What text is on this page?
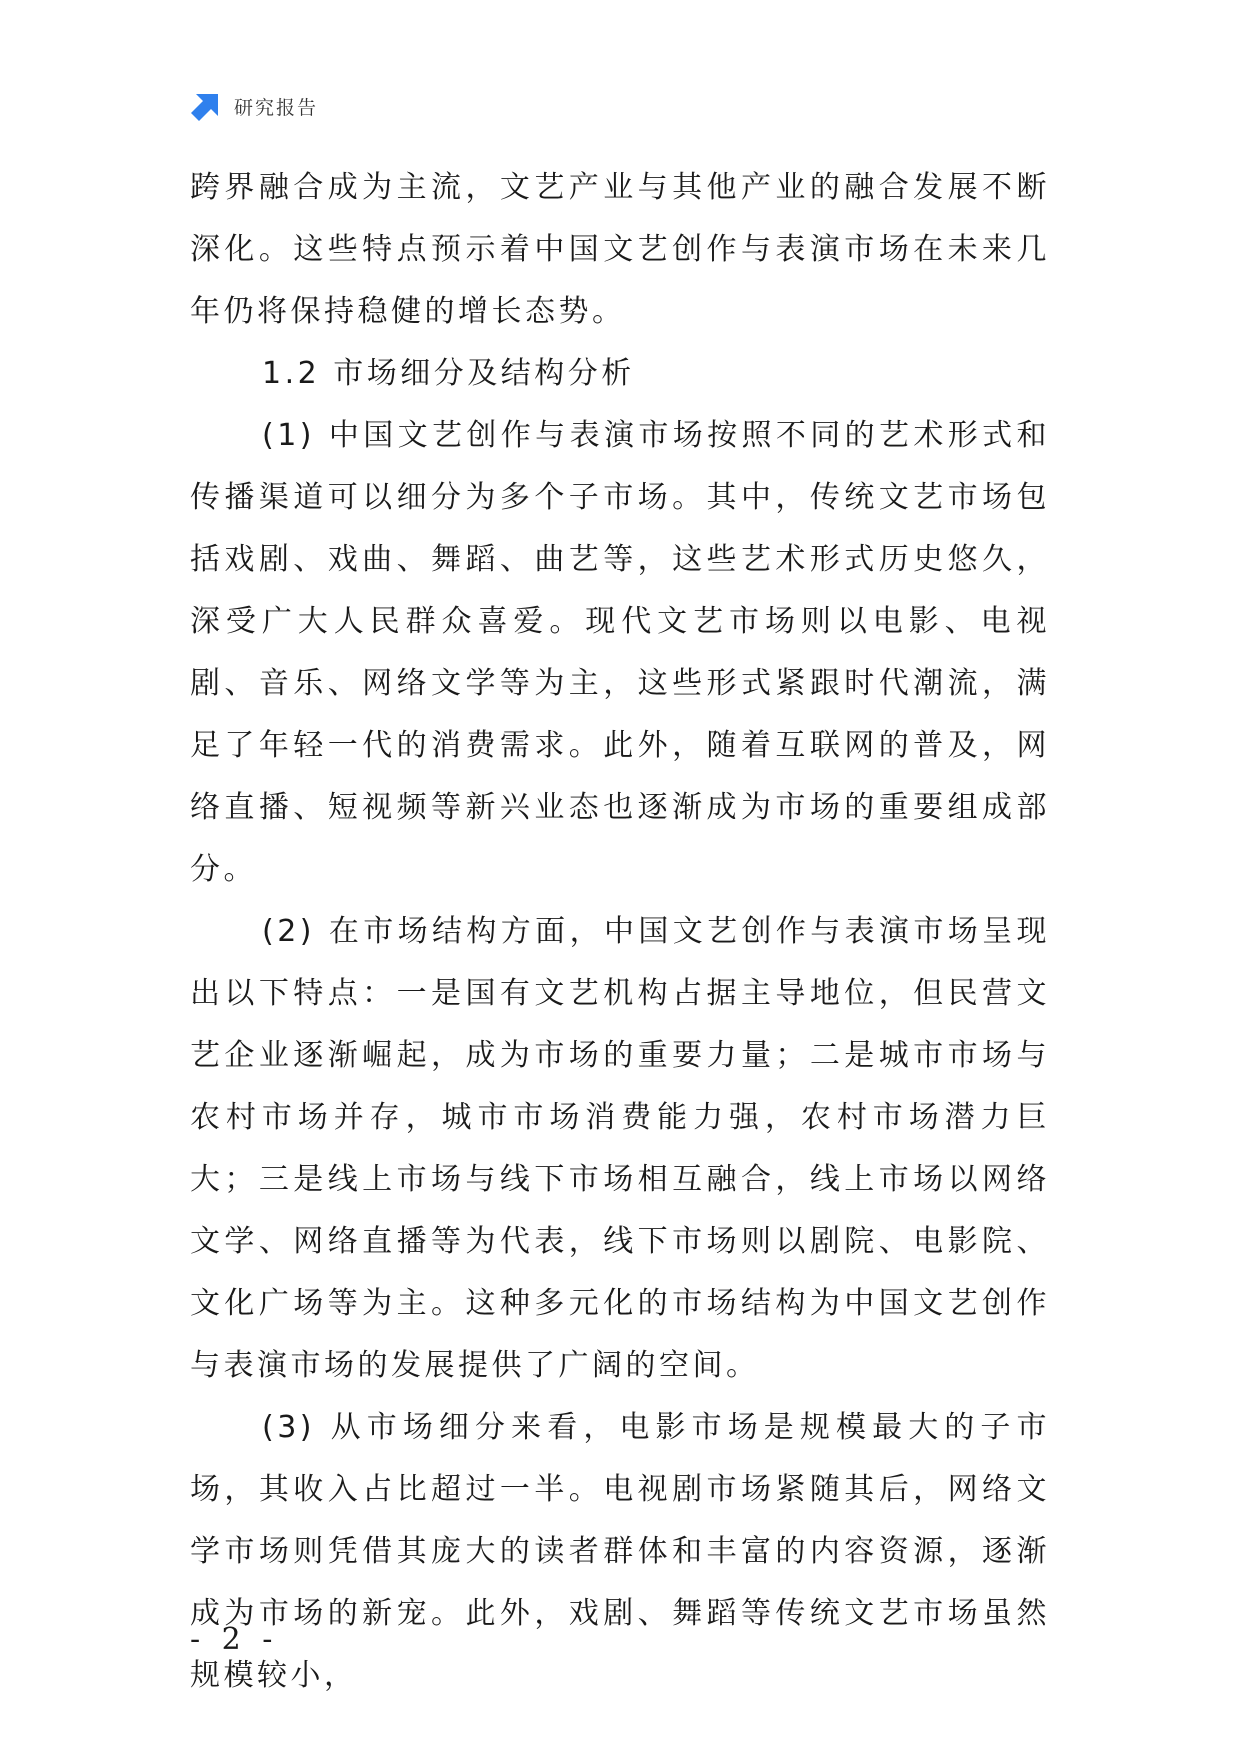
研究报告

跨界融合成为主流，文艺产业与其他产业的融合发展不断深化。这些特点预示着中国文艺创作与表演市场在未来几年仍将保持稳健的增长态势。

1.2 市场细分及结构分析

(1) 中国文艺创作与表演市场按照不同的艺术形式和传播渠道可以细分为多个子市场。其中，传统文艺市场包括戏剧、戏曲、舞蹈、曲艺等，这些艺术形式历史悠久，深受广大人民群众喜爱。现代文艺市场则以电影、电视剧、音乐、网络文学等为主，这些形式紧跟时代潮流，满足了年轻一代的消费需求。此外，随着互联网的普及，网络直播、短视频等新兴业态也逐渐成为市场的重要组成部分。

(2) 在市场结构方面，中国文艺创作与表演市场呈现出以下特点：一是国有文艺机构占据主导地位，但民营文艺企业逐渐崛起，成为市场的重要力量；二是城市市场与农村市场并存，城市市场消费能力强，农村市场潜力巨大；三是线上市场与线下市场相互融合，线上市场以网络文学、网络直播等为代表，线下市场则以剧院、电影院、文化广场等为主。这种多元化的市场结构为中国文艺创作与表演市场的发展提供了广阔的空间。

(3) 从市场细分来看，电影市场是规模最大的子市场，其收入占比超过一半。电视剧市场紧随其后，网络文学市场则凭借其庞大的读者群体和丰富的内容资源，逐渐成为市场的新宠。此外，戏剧、舞蹈等传统文艺市场虽然规模较小，

- 2 -
